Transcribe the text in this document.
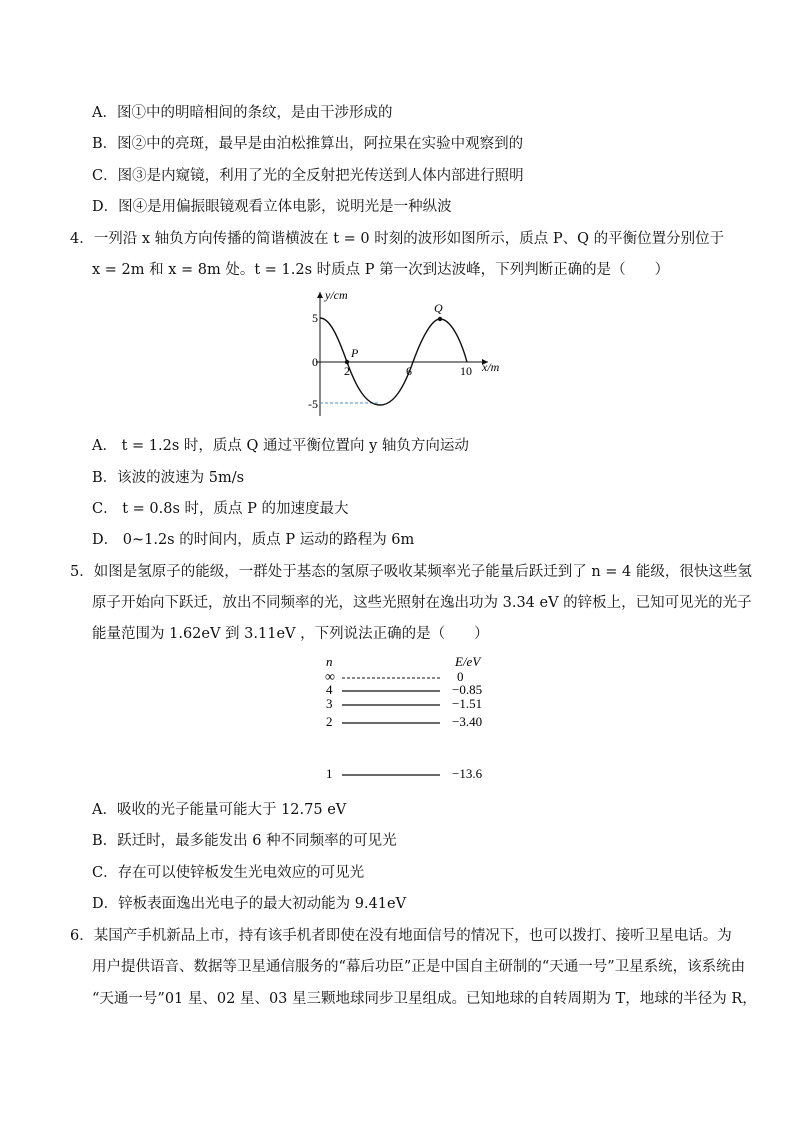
A．图①中的明暗相间的条纹，是由干涉形成的
B．图②中的亮斑，最早是由泊松推算出，阿拉果在实验中观察到的
C．图③是内窥镜，利用了光的全反射把光传送到人体内部进行照明
D．图④是用偏振眼镜观看立体电影，说明光是一种纵波
4．一列沿 x 轴负方向传播的简谐横波在 t = 0 时刻的波形如图所示，质点 P、Q 的平衡位置分别位于
x = 2m 和 x = 8m 处。t = 1.2s 时质点 P 第一次到达波峰，下列判断正确的是（　　）
y/cm
x/m
0
5
-5
2	6	10
P
Q
A． t = 1.2s 时，质点 Q 通过平衡位置向 y 轴负方向运动
B．该波的波速为 5m/s
C． t = 0.8s 时，质点 P 的加速度最大
D． 0~1.2s 的时间内，质点 P 运动的路程为 6m
5．如图是氢原子的能级，一群处于基态的氢原子吸收某频率光子能量后跃迁到了 n = 4 能级，很快这些氢
原子开始向下跃迁，放出不同频率的光，这些光照射在逸出功为 3.34 eV 的锌板上，已知可见光的光子
能量范围为 1.62eV 到 3.11eV ，下列说法正确的是（　　）
n	E/eV
∞	0
4	−0.85
3	−1.51
2	−3.40
1	−13.6
A．吸收的光子能量可能大于 12.75 eV
B．跃迁时，最多能发出 6 种不同频率的可见光
C．存在可以使锌板发生光电效应的可见光
D．锌板表面逸出光电子的最大初动能为 9.41eV
6．某国产手机新品上市，持有该手机者即使在没有地面信号的情况下，也可以拨打、接听卫星电话。为
用户提供语音、数据等卫星通信服务的“幕后功臣”正是中国自主研制的“天通一号”卫星系统，该系统由
“天通一号”01 星、02 星、03 星三颗地球同步卫星组成。已知地球的自转周期为 T，地球的半径为 R，
